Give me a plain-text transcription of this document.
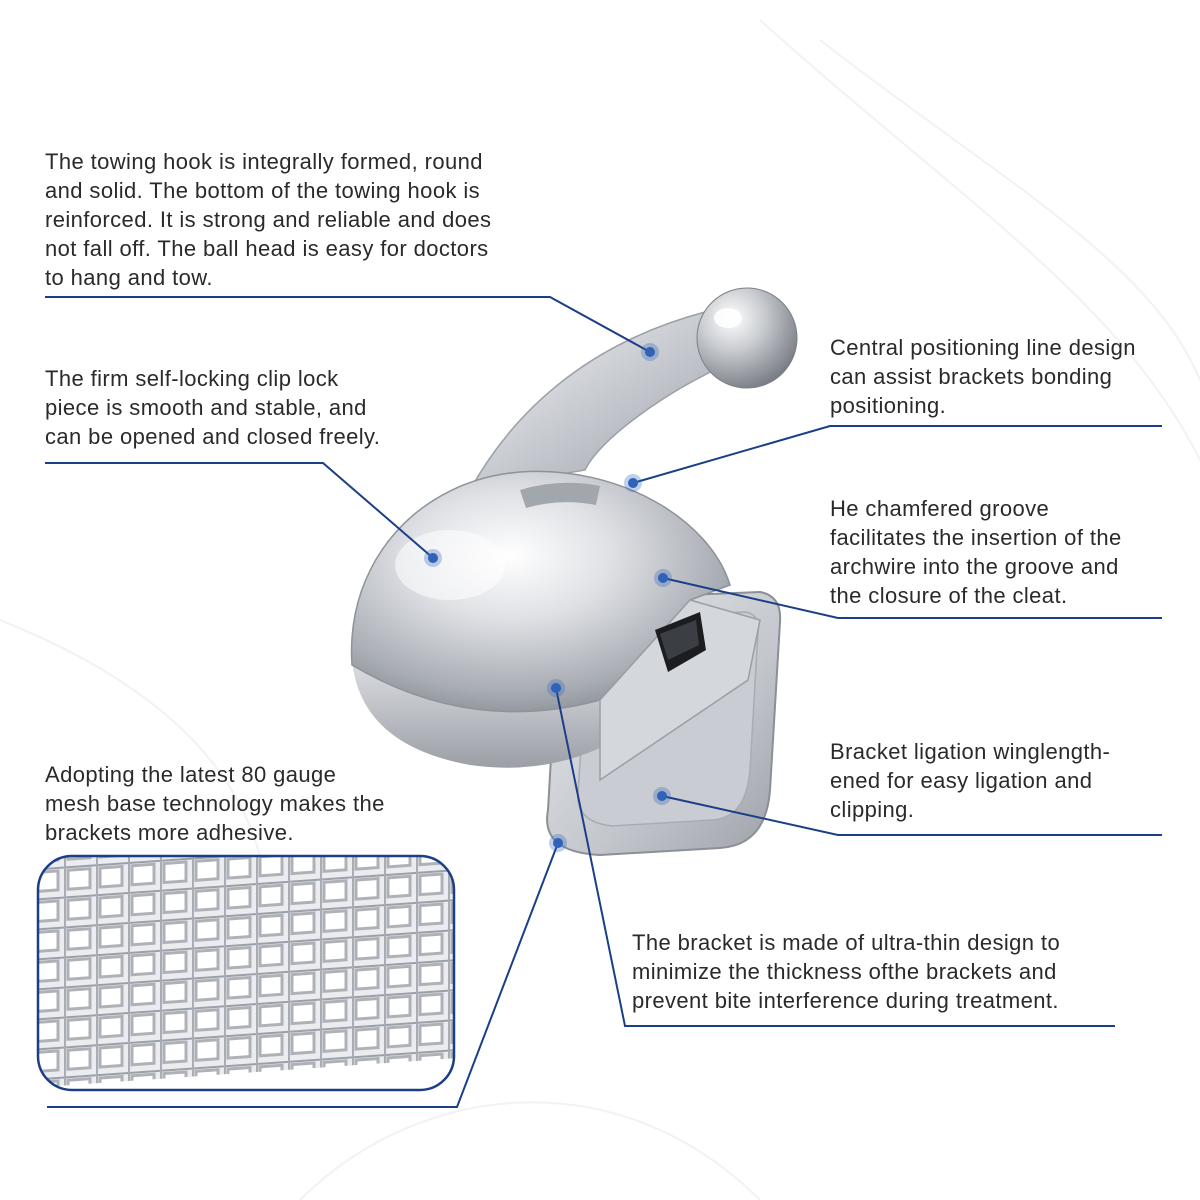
The towing hook is integrally formed, round
and solid. The bottom of the towing hook is
reinforced. It is strong and reliable and does
not fall off. The ball head is easy for doctors
to hang and tow.

The firm self-locking clip lock
piece is smooth and stable, and
can be opened and closed freely.

Central positioning line design
can assist brackets bonding
positioning.

He chamfered groove
facilitates the insertion of the
archwire into the groove and
the closure of the cleat.

Bracket ligation winglength-
ened for easy ligation and
clipping.

Adopting the latest 80 gauge
mesh base technology makes the
brackets more adhesive.

The bracket is made of ultra-thin design to
minimize the thickness ofthe brackets and
prevent bite interference during treatment.
